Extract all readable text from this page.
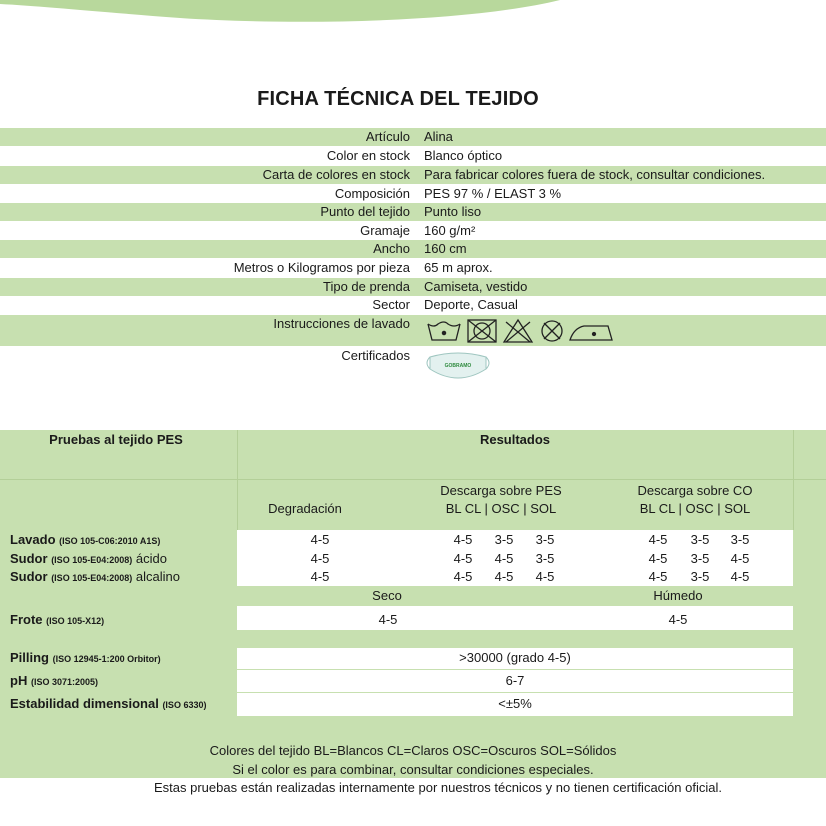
FICHA TÉCNICA DEL TEJIDO
Artículo Alina
Color en stock Blanco óptico
Carta de colores en stock Para fabricar colores fuera de stock, consultar condiciones.
Composición PES 97 % / ELAST 3 %
Punto del tejido Punto liso
Gramaje 160 g/m²
Ancho 160 cm
Metros o Kilogramos por pieza 65 m aprox.
Tipo de prenda Camiseta, vestido
Sector Deporte, Casual
Instrucciones de lavado
Certificados
GOBRAMO
Pruebas al tejido PES	Resultados
Degradación
Descarga sobre PES
BL CL | OSC | SOL
Descarga sobre CO
BL CL | OSC | SOL
Lavado (ISO 105-C06:2010 A1S)	4-5	4-5	3-5	3-5	4-5	3-5	3-5
Sudor (ISO 105-E04:2008) ácido	4-5	4-5	4-5	3-5	4-5	3-5	4-5
Sudor (ISO 105-E04:2008) alcalino	4-5	4-5	4-5	4-5	4-5	3-5	4-5
Seco	Húmedo
Frote (ISO 105-X12)	4-5	4-5
Pilling (ISO 12945-1:200 Orbitor)	>30000 (grado 4-5)
pH (ISO 3071:2005)	6-7
Estabilidad dimensional (ISO 6330)	<±5%
Colores del tejido BL=Blancos CL=Claros OSC=Oscuros SOL=Sólidos
Si el color es para combinar, consultar condiciones especiales.
Estas pruebas están realizadas internamente por nuestros técnicos y no tienen certificación oficial.
